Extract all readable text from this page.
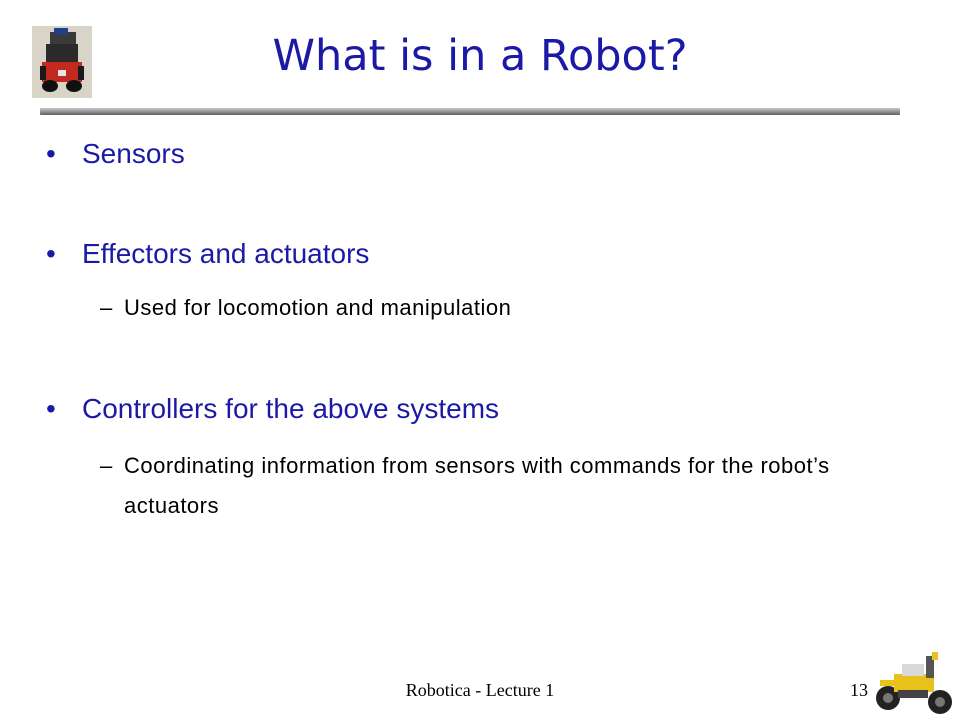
What is in a Robot?
• Sensors
• Effectors and actuators
– Used for locomotion and manipulation
• Controllers for the above systems
– Coordinating information from sensors with commands for the robot’s actuators
Robotica - Lecture 1	13
